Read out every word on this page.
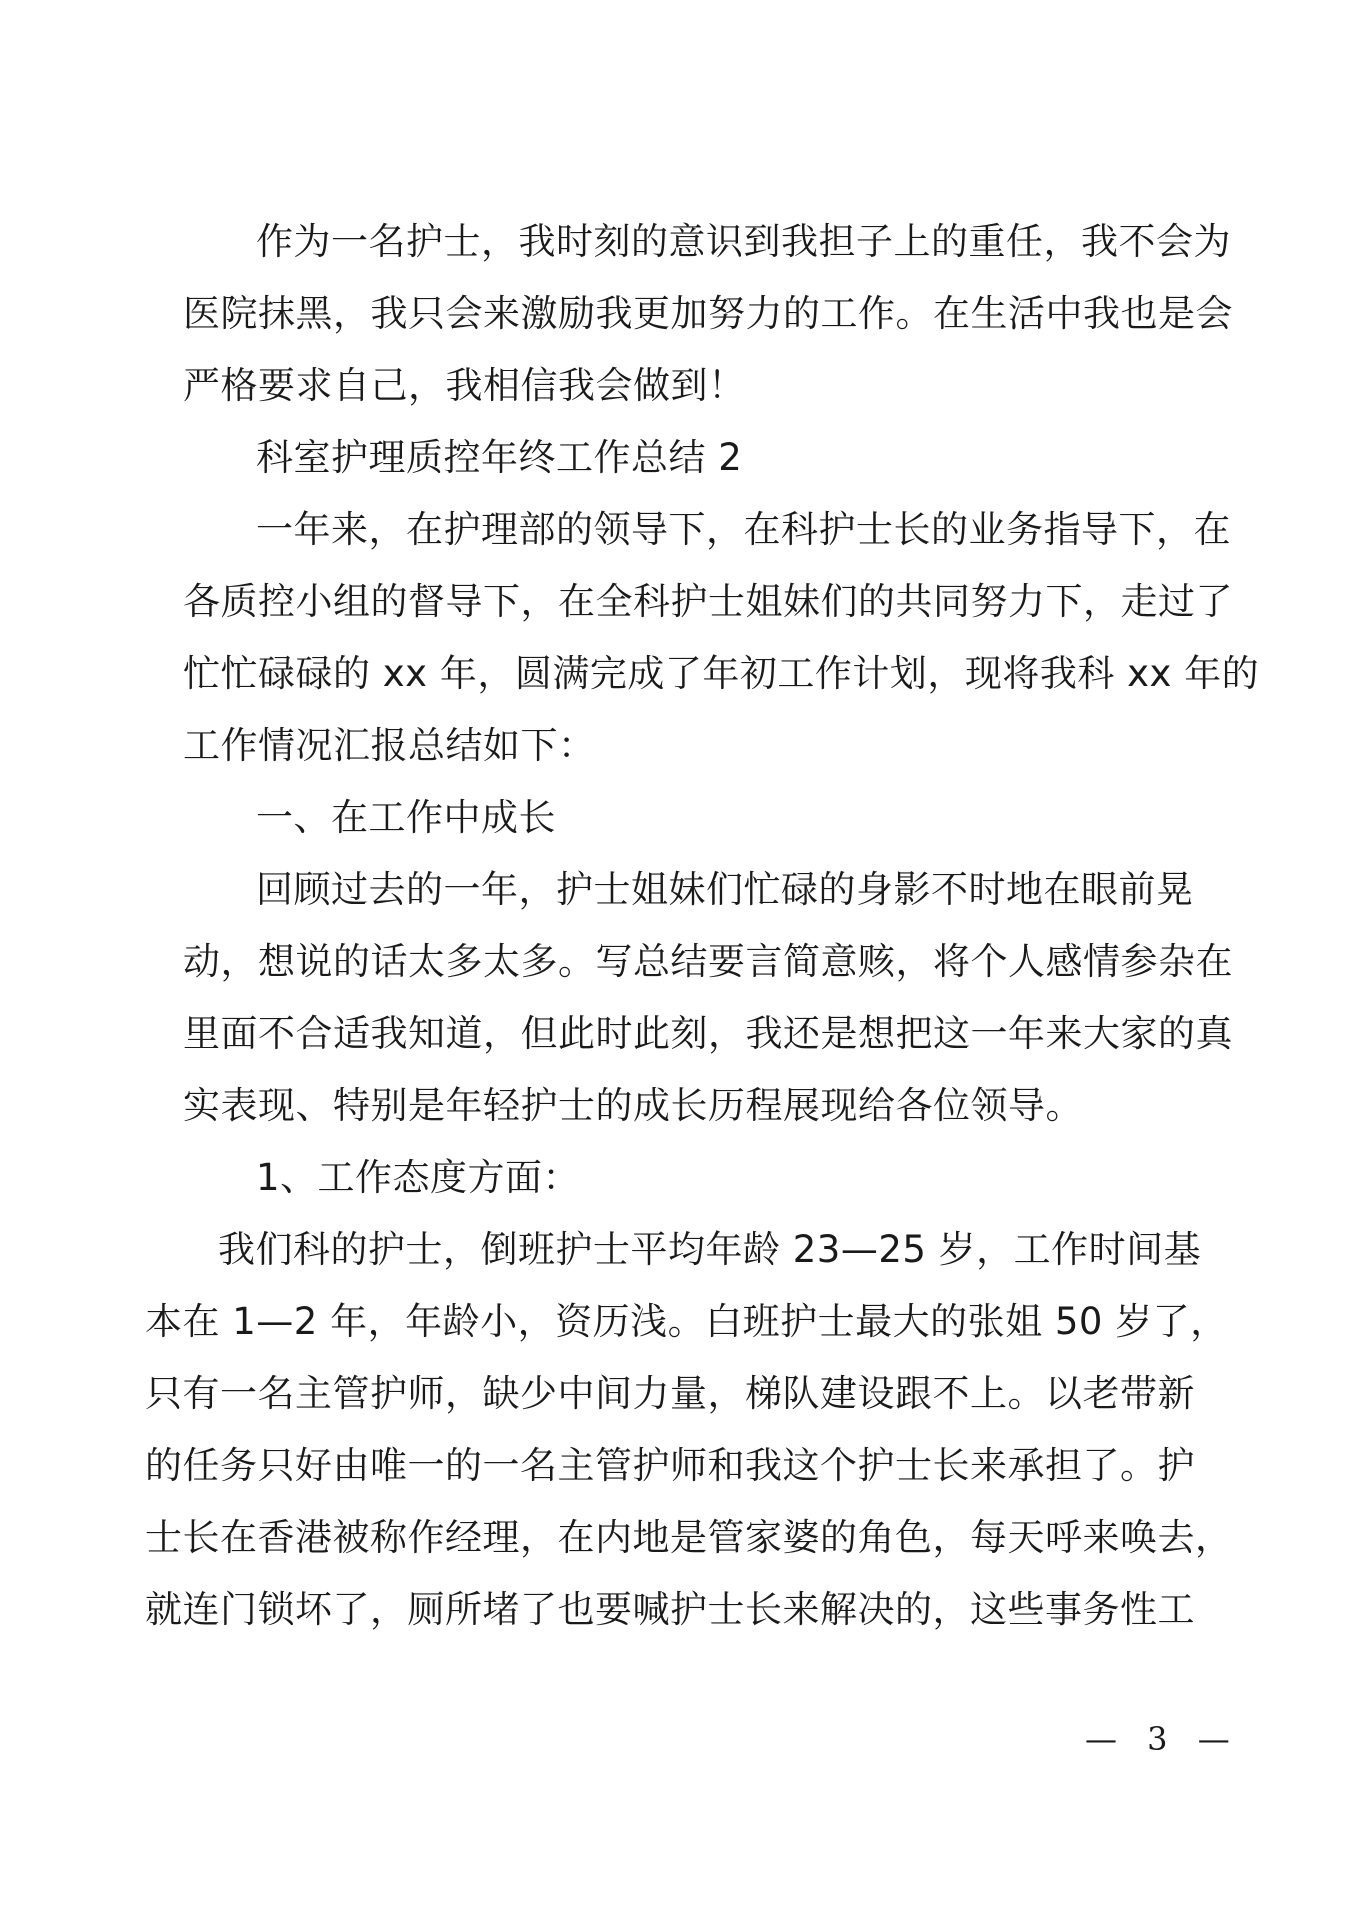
作为一名护士，我时刻的意识到我担子上的重任，我不会为
医院抹黑，我只会来激励我更加努力的工作。在生活中我也是会
严格要求自己，我相信我会做到！
科室护理质控年终工作总结 2
一年来，在护理部的领导下，在科护士长的业务指导下，在
各质控小组的督导下，在全科护士姐妹们的共同努力下，走过了
忙忙碌碌的 xx 年，圆满完成了年初工作计划，现将我科 xx 年的
工作情况汇报总结如下：
一、在工作中成长
回顾过去的一年，护士姐妹们忙碌的身影不时地在眼前晃
动，想说的话太多太多。写总结要言简意赅，将个人感情参杂在
里面不合适我知道，但此时此刻，我还是想把这一年来大家的真
实表现、特别是年轻护士的成长历程展现给各位领导。
1、工作态度方面：
我们科的护士，倒班护士平均年龄 23—25 岁，工作时间基
本在 1—2 年，年龄小，资历浅。白班护士最大的张姐 50 岁了，
只有一名主管护师，缺少中间力量，梯队建设跟不上。以老带新
的任务只好由唯一的一名主管护师和我这个护士长来承担了。护
士长在香港被称作经理，在内地是管家婆的角色，每天呼来唤去，
就连门锁坏了，厕所堵了也要喊护士长来解决的，这些事务性工
— 3 —
